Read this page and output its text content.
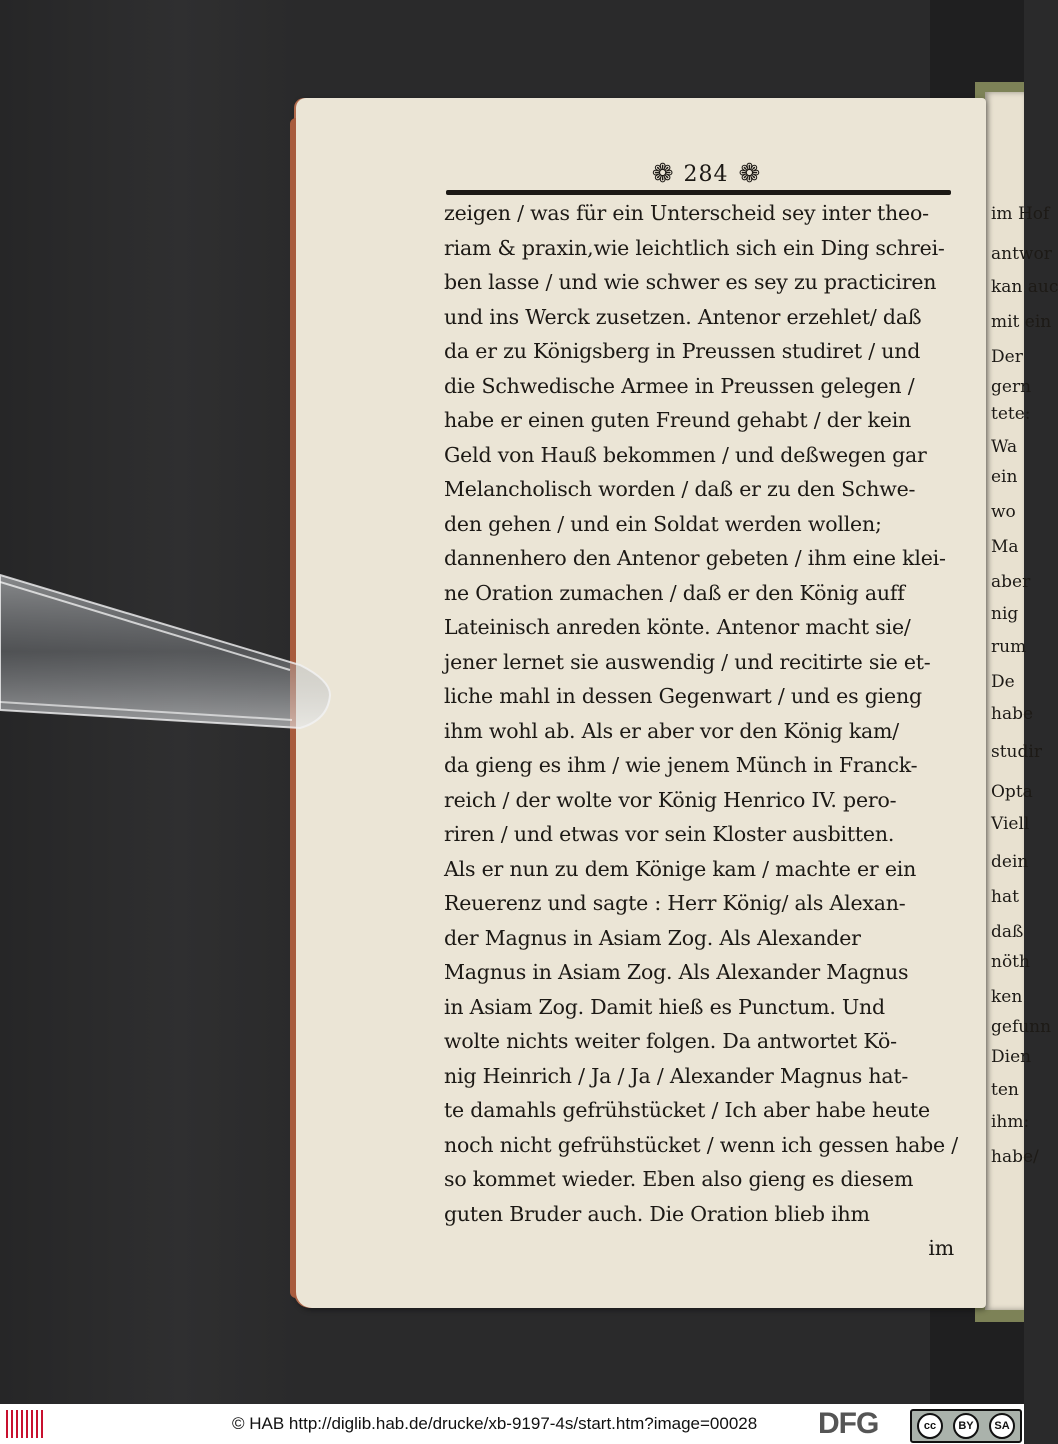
im Hof
antwor
kan auc
mit ein
Der
gern
tete:
Wa
ein
wo
Ma
aber
nig
rum
De
habe
studir
Opta
Viell
dein
hat
daß
nöth
ken
gefunn
Dien
ten
ihm:
habe/
❁ 284 ❁
zeigen / was für ein Unterscheid sey inter theo-
riam & praxin,wie leichtlich sich ein Ding schrei-
ben lasse / und wie schwer es sey zu practiciren
und ins Werck zusetzen. Antenor erzehlet/ daß
da er zu Königsberg in Preussen studiret / und
die Schwedische Armee in Preussen gelegen /
habe er einen guten Freund gehabt / der kein
Geld von Hauß bekommen / und deßwegen gar
Melancholisch worden / daß er zu den Schwe-
den gehen / und ein Soldat werden wollen;
dannenhero den Antenor gebeten / ihm eine klei-
ne Oration zumachen / daß er den König auff
Lateinisch anreden könte. Antenor macht sie/
jener lernet sie auswendig / und recitirte sie et-
liche mahl in dessen Gegenwart / und es gieng
ihm wohl ab. Als er aber vor den König kam/
da gieng es ihm / wie jenem Münch in Franck-
reich / der wolte vor König Henrico IV. pero-
riren / und etwas vor sein Kloster ausbitten.
Als er nun zu dem Könige kam / machte er ein
Reuerenz und sagte : Herr König/ als Alexan-
der Magnus in Asiam Zog. Als Alexander
Magnus in Asiam Zog. Als Alexander Magnus
in Asiam Zog. Damit hieß es Punctum. Und
wolte nichts weiter folgen. Da antwortet Kö-
nig Heinrich / Ja / Ja / Alexander Magnus hat-
te damahls gefrühstücket / Ich aber habe heute
noch nicht gefrühstücket / wenn ich gessen habe /
so kommet wieder. Eben also gieng es diesem
guten Bruder auch. Die Oration blieb ihm
im
© HAB http://diglib.hab.de/drucke/xb-9197-4s/start.htm?image=00028 DFG	cc	BY	SA
